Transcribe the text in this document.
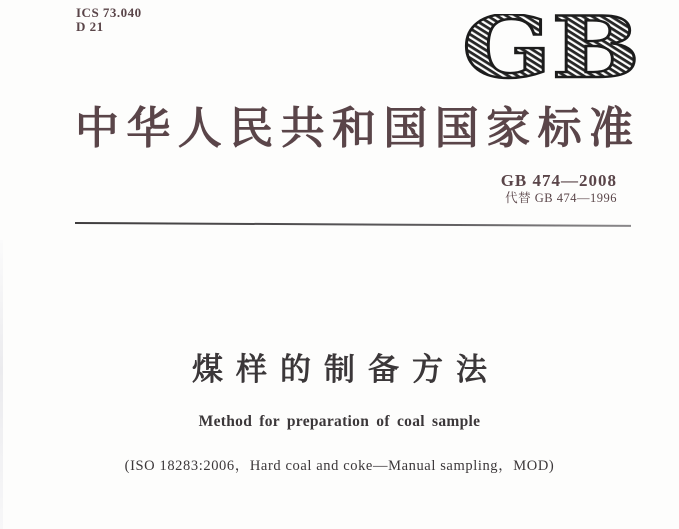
ICS 73.040
D 21	GB
中华人民共和国国家标准
GB 474—2008
代替 GB 474—1996
煤样的制备方法
Method for preparation of coal sample
(ISO 18283:2006，Hard coal and coke—Manual sampling，MOD)
